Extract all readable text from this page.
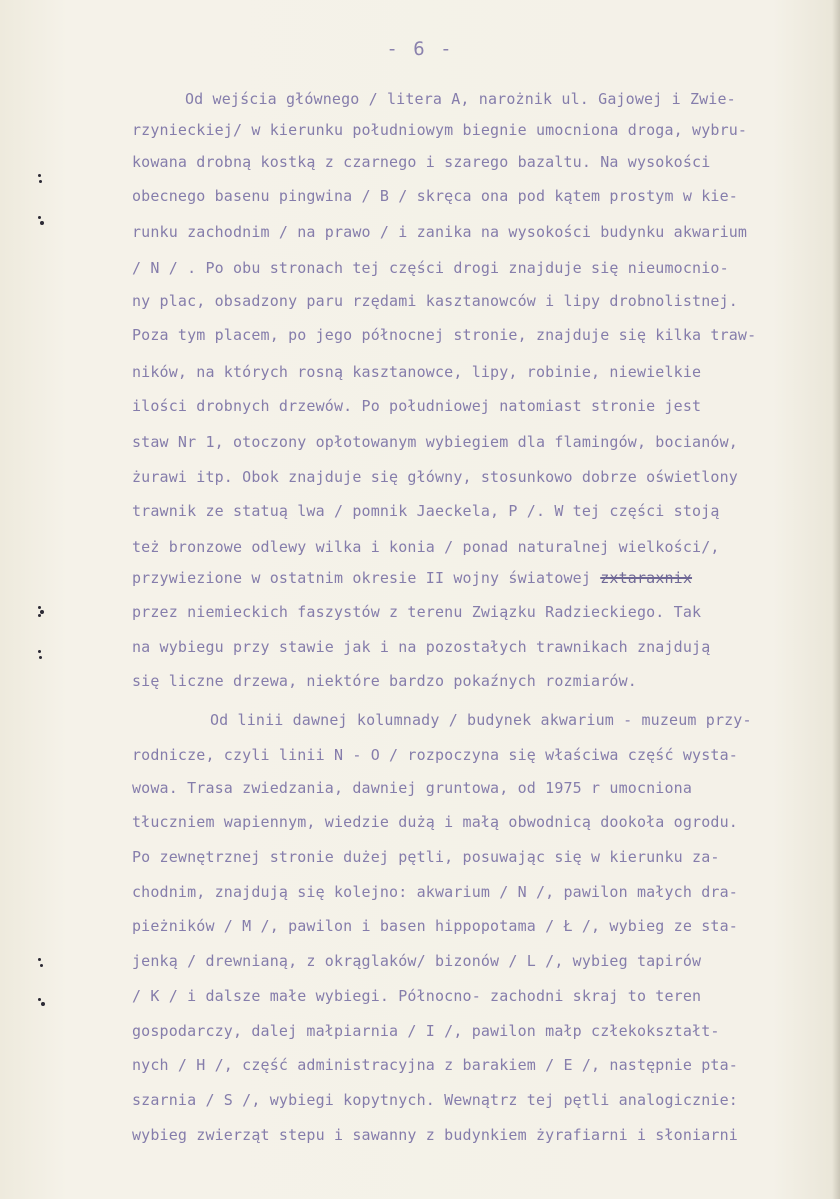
- 6 -
Od wejścia głównego / litera A, narożnik ul. Gajowej i Zwie-
rzynieckiej/ w kierunku południowym biegnie umocniona droga, wybru-
kowana drobną kostką z czarnego i szarego bazaltu. Na wysokości
obecnego basenu pingwina / B / skręca ona pod kątem prostym w kie-
runku zachodnim / na prawo / i zanika na wysokości budynku akwarium
/ N / . Po obu stronach tej części drogi znajduje się nieumocnio-
ny plac, obsadzony paru rzędami kasztanowców i lipy drobnolistnej.
Poza tym placem, po jego północnej stronie, znajduje się kilka traw-
ników, na których rosną kasztanowce, lipy, robinie, niewielkie
ilości drobnych drzewów. Po południowej natomiast stronie jest
staw Nr 1, otoczony opłotowanym wybiegiem dla flamingów, bocianów,
żurawi itp. Obok znajduje się główny, stosunkowo dobrze oświetlony
trawnik ze statuą lwa / pomnik Jaeckela, P /. W tej części stoją
też bronzowe odlewy wilka i konia / ponad naturalnej wielkości/,
przywiezione w ostatnim okresie II wojny światowej zxtaraxnix
przez niemieckich faszystów z terenu Związku Radzieckiego. Tak
na wybiegu przy stawie jak i na pozostałych trawnikach znajdują
się liczne drzewa, niektóre bardzo pokaźnych rozmiarów.
Od linii dawnej kolumnady / budynek akwarium - muzeum przy-
rodnicze, czyli linii N - O / rozpoczyna się właściwa część wysta-
wowa. Trasa zwiedzania, dawniej gruntowa, od 1975 r umocniona
tłuczniem wapiennym, wiedzie dużą i małą obwodnicą dookoła ogrodu.
Po zewnętrznej stronie dużej pętli, posuwając się w kierunku za-
chodnim, znajdują się kolejno: akwarium / N /, pawilon małych dra-
pieżników / M /, pawilon i basen hippopotama / Ł /, wybieg ze sta-
jenką / drewnianą, z okrąglaków/ bizonów / L /, wybieg tapirów
/ K / i dalsze małe wybiegi. Północno- zachodni skraj to teren
gospodarczy, dalej małpiarnia / I /, pawilon małp człekokształt-
nych / H /, część administracyjna z barakiem / E /, następnie pta-
szarnia / S /, wybiegi kopytnych. Wewnątrz tej pętli analogicznie:
wybieg zwierząt stepu i sawanny z budynkiem żyrafiarni i słoniarni
